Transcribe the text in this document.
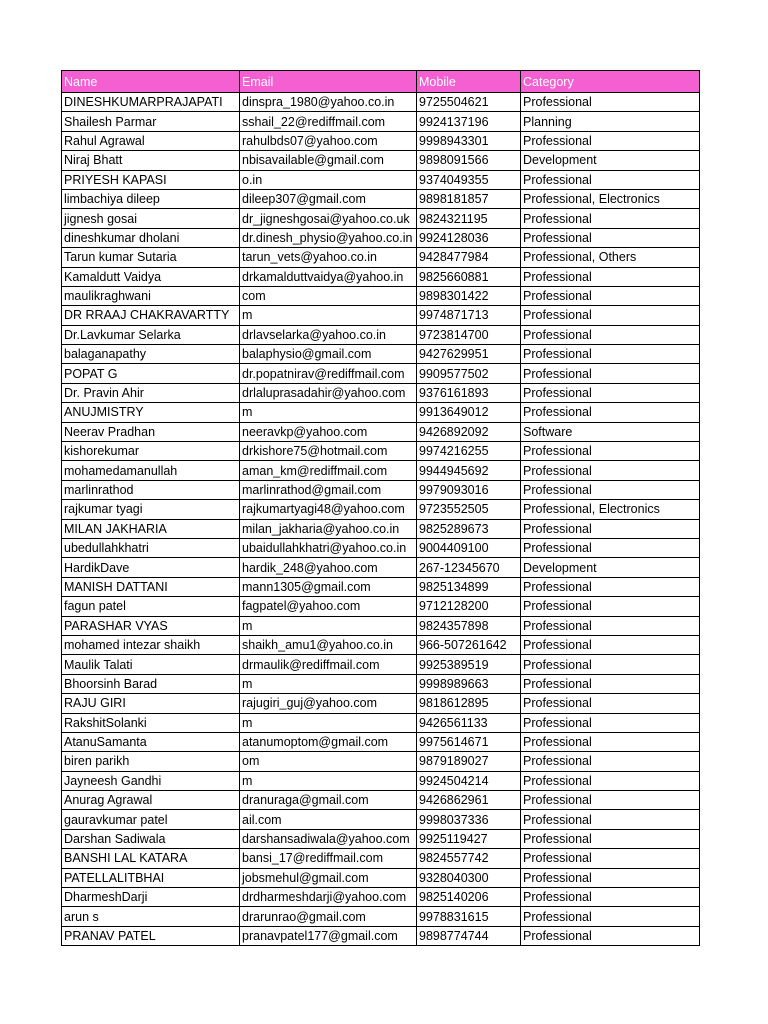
Name	Email	Mobile	Category
DINESHKUMARPRAJAPATI	dinspra_1980@yahoo.co.in	9725504621	Professional
Shailesh Parmar	sshail_22@rediffmail.com	9924137196	Planning
Rahul Agrawal	rahulbds07@yahoo.com	9998943301	Professional
Niraj Bhatt	nbisavailable@gmail.com	9898091566	Development
PRIYESH KAPASI	o.in	9374049355	Professional
limbachiya dileep	dileep307@gmail.com	9898181857	Professional, Electronics
jignesh gosai	dr_jigneshgosai@yahoo.co.uk	9824321195	Professional
dineshkumar dholani	dr.dinesh_physio@yahoo.co.in	9924128036	Professional
Tarun kumar Sutaria	tarun_vets@yahoo.co.in	9428477984	Professional, Others
Kamaldutt Vaidya	drkamalduttvaidya@yahoo.in	9825660881	Professional
maulikraghwani	com	9898301422	Professional
DR RRAAJ CHAKRAVARTTY	m	9974871713	Professional
Dr.Lavkumar Selarka	drlavselarka@yahoo.co.in	9723814700	Professional
balaganapathy	balaphysio@gmail.com	9427629951	Professional
POPAT G	dr.popatnirav@rediffmail.com	9909577502	Professional
Dr. Pravin Ahir	drlaluprasadahir@yahoo.com	9376161893	Professional
ANUJMISTRY	m	9913649012	Professional
Neerav Pradhan	neeravkp@yahoo.com	9426892092	Software
kishorekumar	drkishore75@hotmail.com	9974216255	Professional
mohamedamanullah	aman_km@rediffmail.com	9944945692	Professional
marlinrathod	marlinrathod@gmail.com	9979093016	Professional
rajkumar tyagi	rajkumartyagi48@yahoo.com	9723552505	Professional, Electronics
MILAN JAKHARIA	milan_jakharia@yahoo.co.in	9825289673	Professional
ubedullahkhatri	ubaidullahkhatri@yahoo.co.in	9004409100	Professional
HardikDave	hardik_248@yahoo.com	267-12345670	Development
MANISH DATTANI	mann1305@gmail.com	9825134899	Professional
fagun patel	fagpatel@yahoo.com	9712128200	Professional
PARASHAR VYAS	m	9824357898	Professional
mohamed intezar shaikh	shaikh_amu1@yahoo.co.in	966-507261642	Professional
Maulik Talati	drmaulik@rediffmail.com	9925389519	Professional
Bhoorsinh Barad	m	9998989663	Professional
RAJU GIRI	rajugiri_guj@yahoo.com	9818612895	Professional
RakshitSolanki	m	9426561133	Professional
AtanuSamanta	atanumoptom@gmail.com	9975614671	Professional
biren parikh	om	9879189027	Professional
Jayneesh Gandhi	m	9924504214	Professional
Anurag Agrawal	dranuraga@gmail.com	9426862961	Professional
gauravkumar patel	ail.com	9998037336	Professional
Darshan Sadiwala	darshansadiwala@yahoo.com	9925119427	Professional
BANSHI LAL KATARA	bansi_17@rediffmail.com	9824557742	Professional
PATELLALITBHAI	jobsmehul@gmail.com	9328040300	Professional
DharmeshDarji	drdharmeshdarji@yahoo.com	9825140206	Professional
arun s	drarunrao@gmail.com	9978831615	Professional
PRANAV PATEL	pranavpatel177@gmail.com	9898774744	Professional
